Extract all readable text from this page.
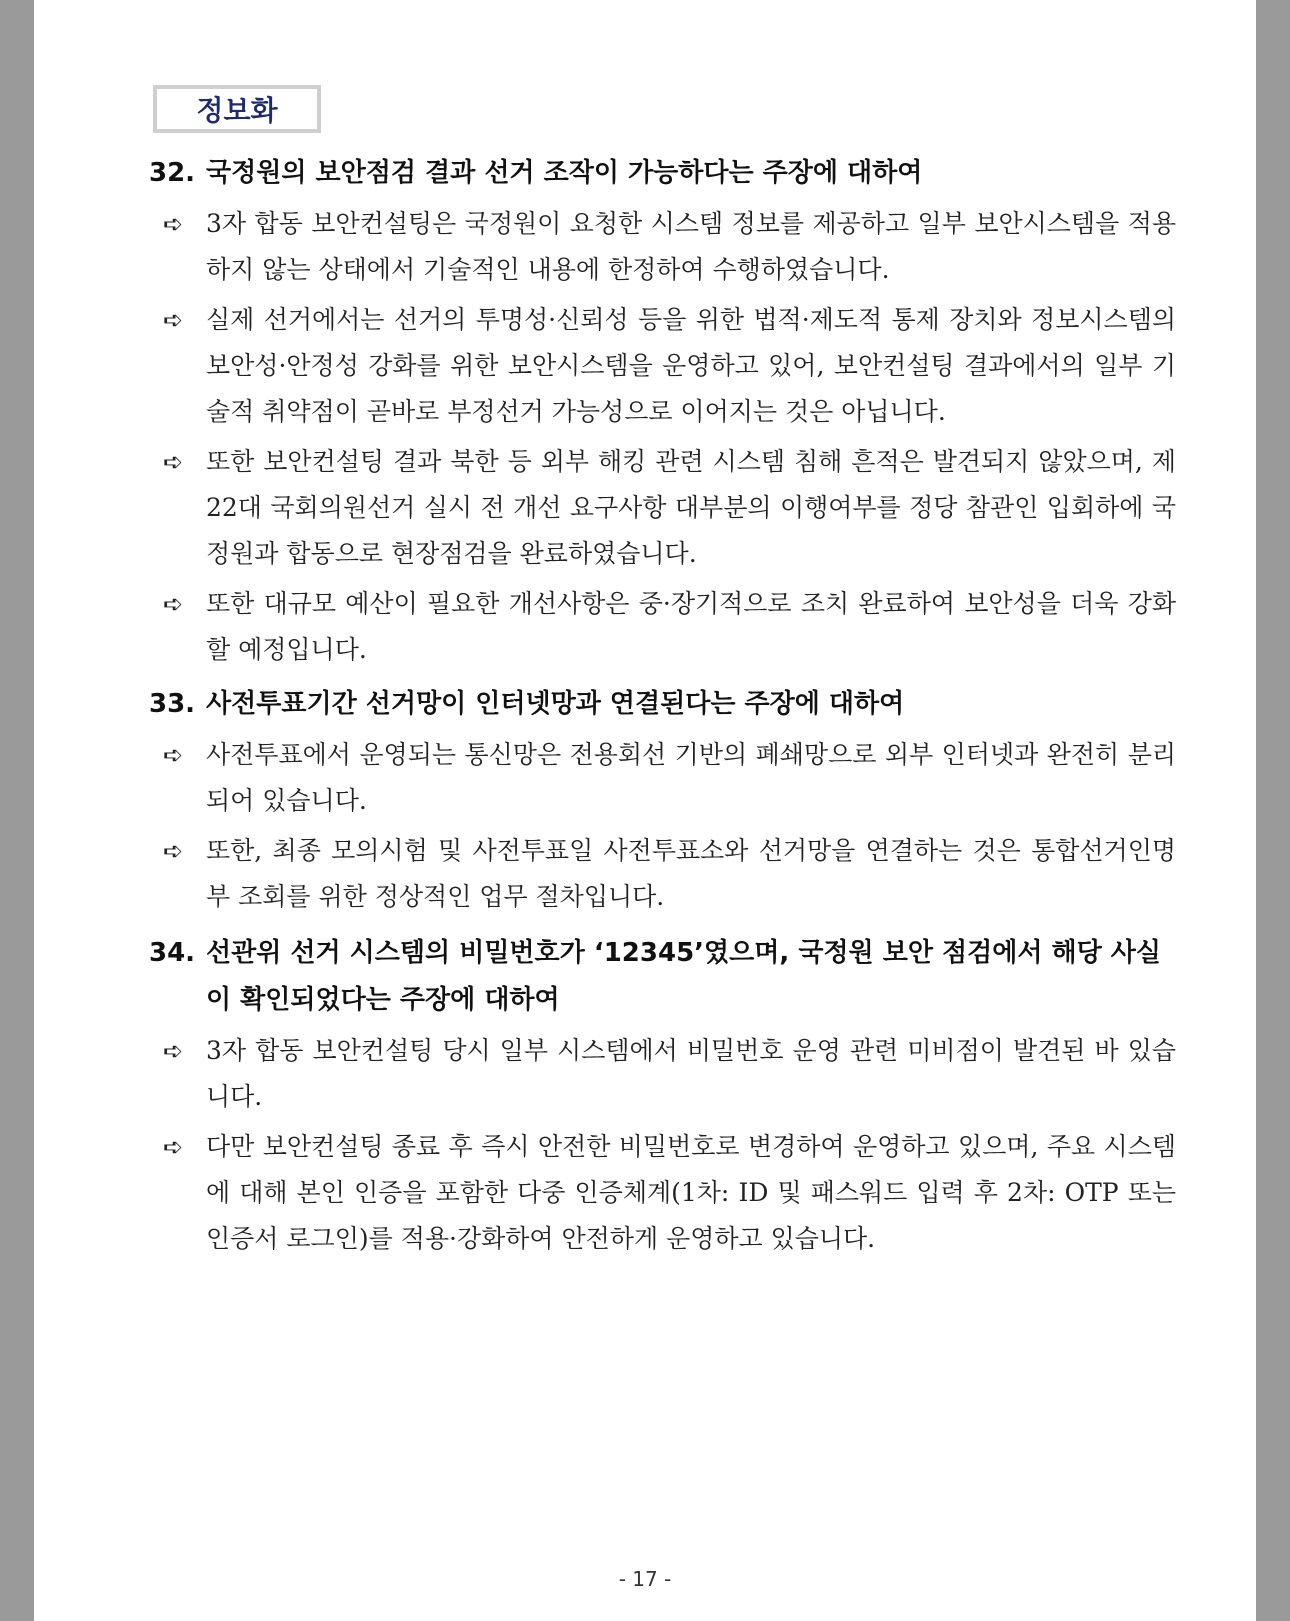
정보화
32. 국정원의 보안점검 결과 선거 조작이 가능하다는 주장에 대하여
➪ 3자 합동 보안컨설팅은 국정원이 요청한 시스템 정보를 제공하고 일부 보안시스템을 적용하지 않는 상태에서 기술적인 내용에 한정하여 수행하였습니다.
➪ 실제 선거에서는 선거의 투명성·신뢰성 등을 위한 법적·제도적 통제 장치와 정보시스템의 보안성·안정성 강화를 위한 보안시스템을 운영하고 있어, 보안컨설팅 결과에서의 일부 기술적 취약점이 곧바로 부정선거 가능성으로 이어지는 것은 아닙니다.
➪ 또한 보안컨설팅 결과 북한 등 외부 해킹 관련 시스템 침해 흔적은 발견되지 않았으며, 제22대 국회의원선거 실시 전 개선 요구사항 대부분의 이행여부를 정당 참관인 입회하에 국정원과 합동으로 현장점검을 완료하였습니다.
➪ 또한 대규모 예산이 필요한 개선사항은 중·장기적으로 조치 완료하여 보안성을 더욱 강화할 예정입니다.
33. 사전투표기간 선거망이 인터넷망과 연결된다는 주장에 대하여
➪ 사전투표에서 운영되는 통신망은 전용회선 기반의 폐쇄망으로 외부 인터넷과 완전히 분리되어 있습니다.
➪ 또한, 최종 모의시험 및 사전투표일 사전투표소와 선거망을 연결하는 것은 통합선거인명부 조회를 위한 정상적인 업무 절차입니다.
34. 선관위 선거 시스템의 비밀번호가 ‘12345’였으며, 국정원 보안 점검에서 해당 사실이 확인되었다는 주장에 대하여
➪ 3자 합동 보안컨설팅 당시 일부 시스템에서 비밀번호 운영 관련 미비점이 발견된 바 있습니다.
➪ 다만 보안컨설팅 종료 후 즉시 안전한 비밀번호로 변경하여 운영하고 있으며, 주요 시스템에 대해 본인 인증을 포함한 다중 인증체계(1차: ID 및 패스워드 입력 후 2차: OTP 또는 인증서 로그인)를 적용·강화하여 안전하게 운영하고 있습니다.
- 17 -
